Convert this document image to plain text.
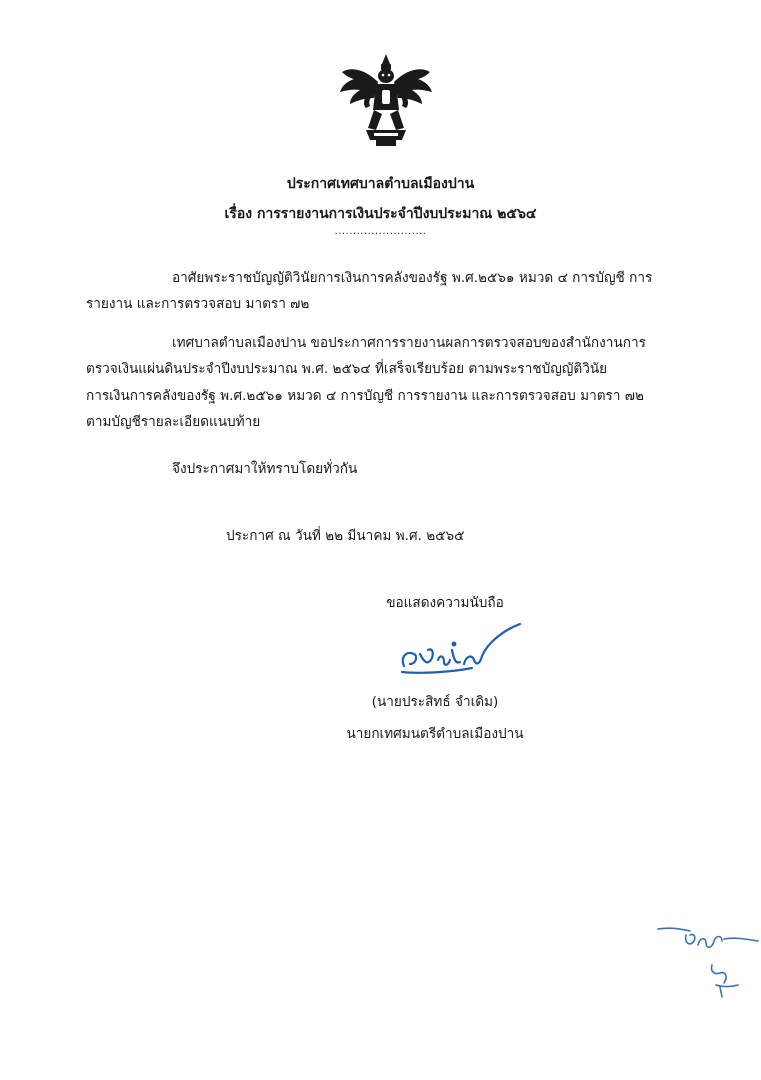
ประกาศเทศบาลตำบลเมืองปาน
เรื่อง การรายงานการเงินประจำปีงบประมาณ ๒๕๖๔
.........................
อาศัยพระราชบัญญัติวินัยการเงินการคลังของรัฐ พ.ศ.๒๕๖๑ หมวด ๔ การบัญชี การ
รายงาน และการตรวจสอบ มาตรา ๗๒
เทศบาลตำบลเมืองปาน ขอประกาศการรายงานผลการตรวจสอบของสำนักงานการ
ตรวจเงินแผ่นดินประจำปีงบประมาณ พ.ศ. ๒๕๖๔ ที่เสร็จเรียบร้อย ตามพระราชบัญญัติวินัย
การเงินการคลังของรัฐ พ.ศ.๒๕๖๑ หมวด ๔ การบัญชี การรายงาน และการตรวจสอบ มาตรา ๗๒
ตามบัญชีรายละเอียดแนบท้าย
จึงประกาศมาให้ทราบโดยทั่วกัน
ประกาศ ณ วันที่ ๒๒ มีนาคม พ.ศ. ๒๕๖๕
ขอแสดงความนับถือ
(นายประสิทธ์ จำเดิม)
นายกเทศมนตรีตำบลเมืองปาน
